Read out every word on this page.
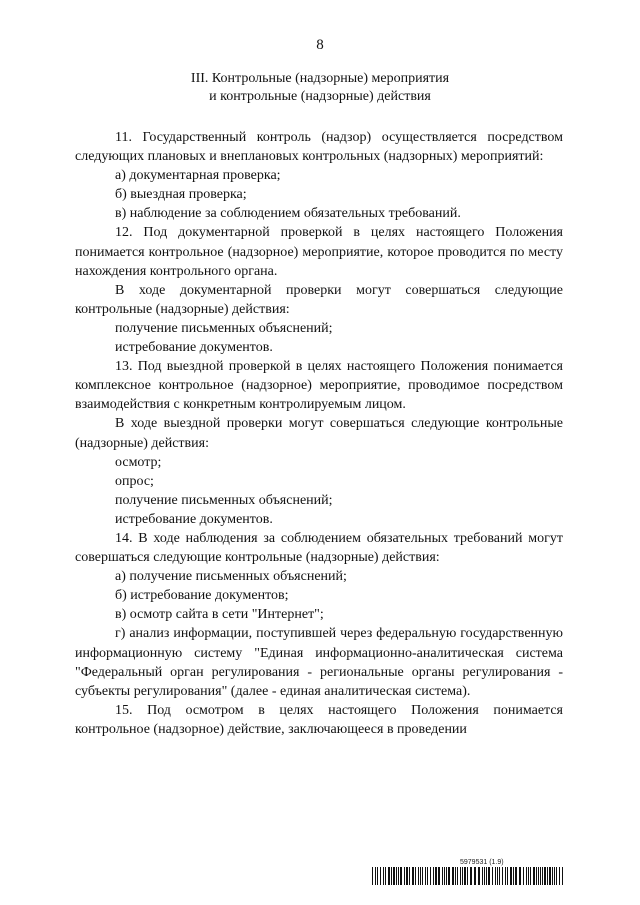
8
III. Контрольные (надзорные) мероприятия
и контрольные (надзорные) действия

11. Государственный контроль (надзор) осуществляется посредством следующих плановых и внеплановых контрольных (надзорных) мероприятий:

а) документарная проверка;

б) выездная проверка;

в) наблюдение за соблюдением обязательных требований.

12. Под документарной проверкой в целях настоящего Положения понимается контрольное (надзорное) мероприятие, которое проводится по месту нахождения контрольного органа.

В ходе документарной проверки могут совершаться следующие контрольные (надзорные) действия:

получение письменных объяснений;

истребование документов.

13. Под выездной проверкой в целях настоящего Положения понимается комплексное контрольное (надзорное) мероприятие, проводимое посредством взаимодействия с конкретным контролируемым лицом.

В ходе выездной проверки могут совершаться следующие контрольные (надзорные) действия:

осмотр;

опрос;

получение письменных объяснений;

истребование документов.

14. В ходе наблюдения за соблюдением обязательных требований могут совершаться следующие контрольные (надзорные) действия:

а) получение письменных объяснений;

б) истребование документов;

в) осмотр сайта в сети "Интернет";

г) анализ информации, поступившей через федеральную государственную информационную систему "Единая информационно-аналитическая система "Федеральный орган регулирования - региональные органы регулирования - субъекты регулирования" (далее - единая аналитическая система).

15. Под осмотром в целях настоящего Положения понимается контрольное (надзорное) действие, заключающееся в проведении

5979531 (1.9)
